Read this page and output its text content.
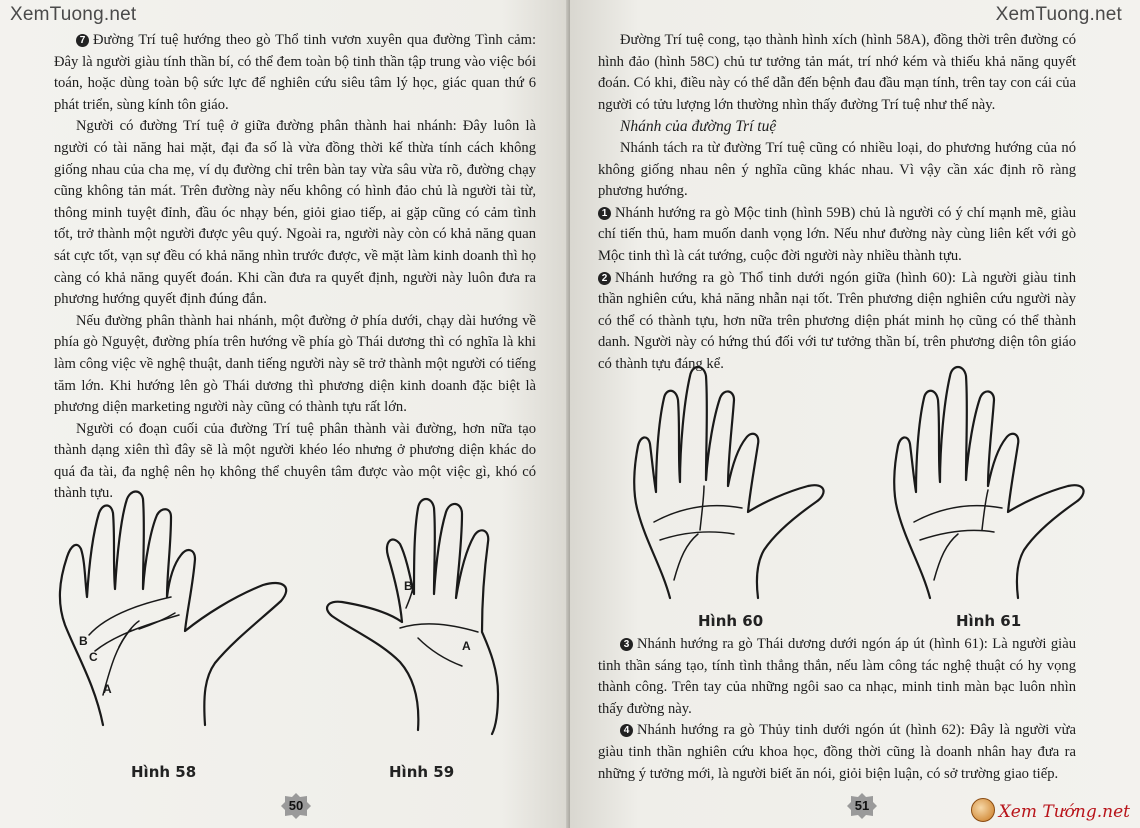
XemTuong.net

7 Đường Trí tuệ hướng theo gò Thổ tinh vươn xuyên qua đường Tình cảm: Đây là người giàu tính thần bí, có thể đem toàn bộ tinh thần tập trung vào việc bói toán, hoặc dùng toàn bộ sức lực để nghiên cứu siêu tâm lý học, giác quan thứ 6 phát triển, sùng kính tôn giáo.

Người có đường Trí tuệ ở giữa đường phân thành hai nhánh: Đây luôn là người có tài năng hai mặt, đại đa số là vừa đồng thời kế thừa tính cách không giống nhau của cha mẹ, ví dụ đường chỉ trên bàn tay vừa sâu vừa rõ, đường chạy cũng không tản mát. Trên đường này nếu không có hình đảo chủ là người tài từ, thông minh tuyệt đỉnh, đầu óc nhạy bén, giỏi giao tiếp, ai gặp cũng có cảm tình tốt, trở thành một người được yêu quý. Ngoài ra, người này còn có khả năng quan sát cực tốt, vạn sự đều có khả năng nhìn trước được, về mặt làm kinh doanh thì họ càng có khả năng quyết đoán. Khi cần đưa ra quyết định, người này luôn đưa ra phương hướng quyết định đúng đắn.

Nếu đường phân thành hai nhánh, một đường ở phía dưới, chạy dài hướng về phía gò Nguyệt, đường phía trên hướng về phía gò Thái dương thì có nghĩa là khi làm công việc về nghệ thuật, danh tiếng người này sẽ trở thành một người có tiếng tăm lớn. Khi hướng lên gò Thái dương thì phương diện kinh doanh đặc biệt là phương diện marketing người này cũng có thành tựu rất lớn.

Người có đoạn cuối của đường Trí tuệ phân thành vài đường, hơn nữa tạo thành dạng xiên thì đây sẽ là một người khéo léo nhưng ở phương diện khác do quá đa tài, đa nghệ nên họ không thể chuyên tâm được vào một việc gì, khó có thành tựu.

B
C
A
Hình 58
B
A
Hình 59
50
XemTuong.net

Đường Trí tuệ cong, tạo thành hình xích (hình 58A), đồng thời trên đường có hình đảo (hình 58C) chủ tư tưởng tản mát, trí nhớ kém và thiếu khả năng quyết đoán. Có khi, điều này có thể dẫn đến bệnh đau đầu mạn tính, trên tay con cái của người có tửu lượng lớn thường nhìn thấy đường Trí tuệ như thế này.

Nhánh của đường Trí tuệ

Nhánh tách ra từ đường Trí tuệ cũng có nhiều loại, do phương hướng của nó không giống nhau nên ý nghĩa cũng khác nhau. Vì vậy cần xác định rõ ràng phương hướng.

1 Nhánh hướng ra gò Mộc tinh (hình 59B) chủ là người có ý chí mạnh mẽ, giàu chí tiến thủ, ham muốn danh vọng lớn. Nếu như đường này cùng liên kết với gò Mộc tinh thì là cát tướng, cuộc đời người này nhiều thành tựu.

2 Nhánh hướng ra gò Thổ tinh dưới ngón giữa (hình 60): Là người giàu tinh thần nghiên cứu, khả năng nhẫn nại tốt. Trên phương diện nghiên cứu người này có thể có thành tựu, hơn nữa trên phương diện phát minh họ cũng có thể thành danh. Người này có hứng thú đối với tư tưởng thần bí, trên phương diện tôn giáo có thành tựu đáng kể.

Hình 60	Hình 61

3 Nhánh hướng ra gò Thái dương dưới ngón áp út (hình 61): Là người giàu tinh thần sáng tạo, tính tình thẳng thắn, nếu làm công tác nghệ thuật có hy vọng thành công. Trên tay của những ngôi sao ca nhạc, minh tinh màn bạc luôn nhìn thấy đường này.

4 Nhánh hướng ra gò Thủy tinh dưới ngón út (hình 62): Đây là người vừa giàu tinh thần nghiên cứu khoa học, đồng thời cũng là doanh nhân hay đưa ra những ý tưởng mới, là người biết ăn nói, giỏi biện luận, có sở trường giao tiếp.

51	Xem Tướng.net
